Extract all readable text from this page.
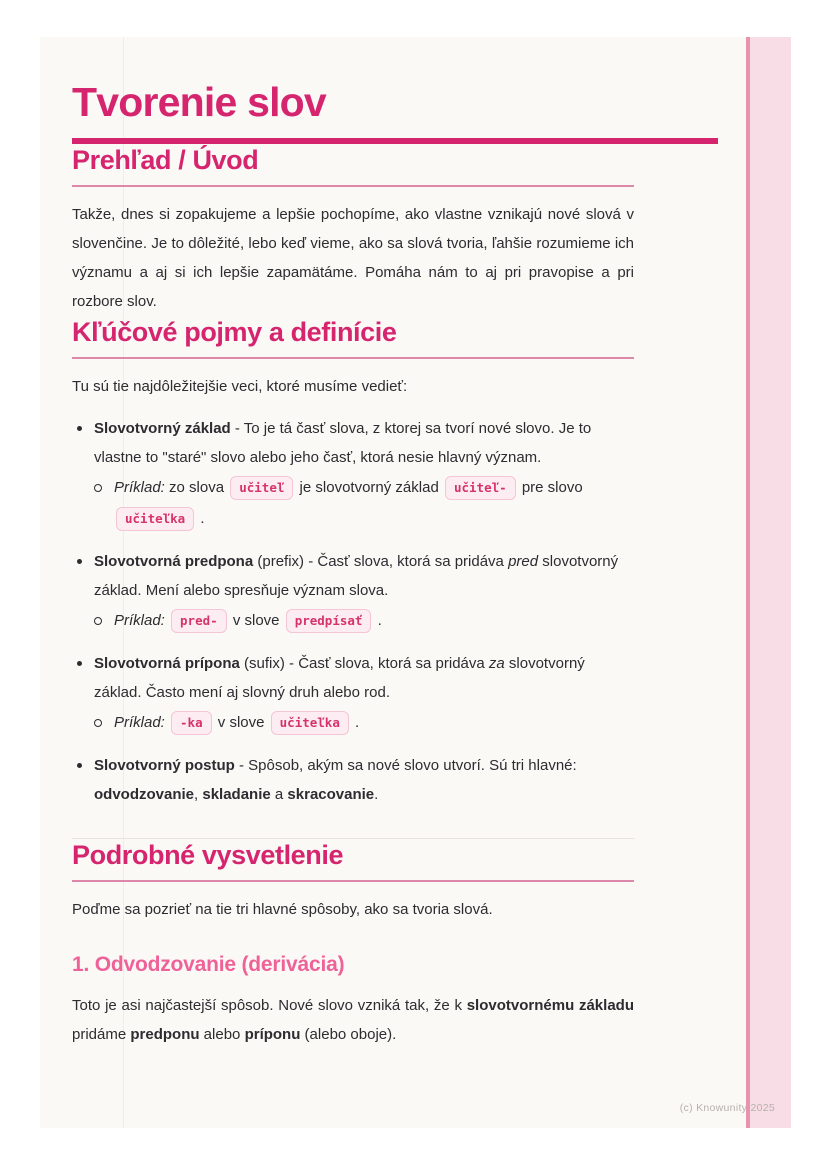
Tvorenie slov
Prehľad / Úvod

Takže, dnes si zopakujeme a lepšie pochopíme, ako vlastne vznikajú nové slová v slovenčine. Je to dôležité, lebo keď vieme, ako sa slová tvoria, ľahšie rozumieme ich významu a aj si ich lepšie zapamätáme. Pomáha nám to aj pri pravopise a pri rozbore slov.

Kľúčové pojmy a definície

Tu sú tie najdôležitejšie veci, ktoré musíme vedieť:

Slovotvorný základ - To je tá časť slova, z ktorej sa tvorí nové slovo. Je to vlastne to "staré" slovo alebo jeho časť, ktorá nesie hlavný význam.
Príklad: zo slova učiteľ je slovotvorný základ učiteľ- pre slovo učiteľka .
Slovotvorná predpona (prefix) - Časť slova, ktorá sa pridáva pred slovotvorný základ. Mení alebo spresňuje význam slova.
Príklad: pred- v slove predpísať .
Slovotvorná prípona (sufix) - Časť slova, ktorá sa pridáva za slovotvorný základ. Často mení aj slovný druh alebo rod.
Príklad: -ka v slove učiteľka .
Slovotvorný postup - Spôsob, akým sa nové slovo utvorí. Sú tri hlavné: odvodzovanie, skladanie a skracovanie.
Podrobné vysvetlenie

Poďme sa pozrieť na tie tri hlavné spôsoby, ako sa tvoria slová.

1. Odvodzovanie (derivácia)

Toto je asi najčastejší spôsob. Nové slovo vzniká tak, že k slovotvornému základu pridáme predponu alebo príponu (alebo oboje).

(c) Knowunity 2025
